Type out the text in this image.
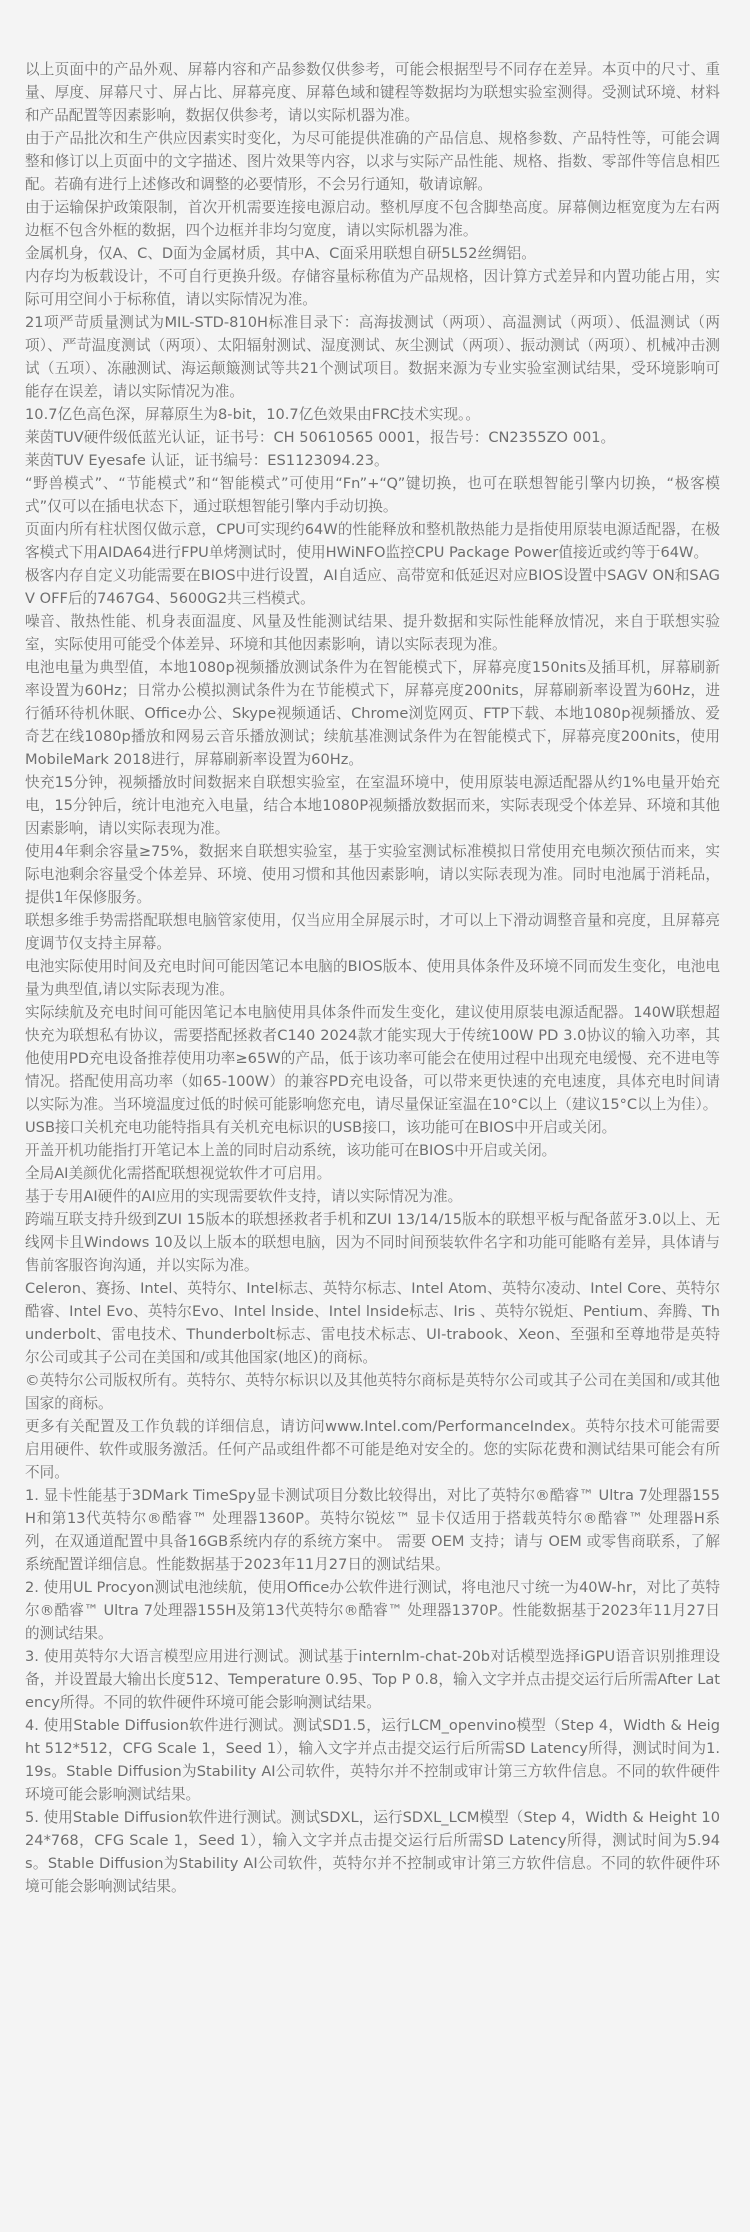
以上页面中的产品外观、屏幕内容和产品参数仅供参考，可能会根据型号不同存在差异。本页中的尺寸、重量、厚度、屏幕尺寸、屏占比、屏幕亮度、屏幕色域和键程等数据均为联想实验室测得。受测试环境、材料和产品配置等因素影响，数据仅供参考，请以实际机器为准。

由于产品批次和生产供应因素实时变化，为尽可能提供准确的产品信息、规格参数、产品特性等，可能会调整和修订以上页面中的文字描述、图片效果等内容，以求与实际产品性能、规格、指数、零部件等信息相匹配。若确有进行上述修改和调整的必要情形，不会另行通知，敬请谅解。

由于运输保护政策限制，首次开机需要连接电源启动。整机厚度不包含脚垫高度。屏幕侧边框宽度为左右两边框不包含外框的数据，四个边框并非均匀宽度，请以实际机器为准。

金属机身，仅A、C、D面为金属材质，其中A、C面采用联想自研5L52丝绸铝。

内存均为板载设计，不可自行更换升级。存储容量标称值为产品规格，因计算方式差异和内置功能占用，实际可用空间小于标称值，请以实际情况为准。

21项严苛质量测试为MIL-STD-810H标准目录下：高海拔测试（两项）、高温测试（两项）、低温测试（两项）、严苛温度测试（两项）、太阳辐射测试、湿度测试、灰尘测试（两项）、振动测试（两项）、机械冲击测试（五项）、冻融测试、海运颠簸测试等共21个测试项目。数据来源为专业实验室测试结果，受环境影响可能存在误差，请以实际情况为准。

10.7亿色高色深，屏幕原生为8-bit，10.7亿色效果由FRC技术实现。。

莱茵TUV硬件级低蓝光认证，证书号：CH 50610565 0001，报告号：CN2355ZO 001。

莱茵TUV Eyesafe 认证，证书编号：ES1123094.23。

“野兽模式”、“节能模式”和“智能模式”可使用“Fn”+“Q”键切换，也可在联想智能引擎内切换，“极客模式”仅可以在插电状态下，通过联想智能引擎内手动切换。

页面内所有柱状图仅做示意，CPU可实现约64W的性能释放和整机散热能力是指使用原装电源适配器，在极客模式下用AIDA64进行FPU单烤测试时，使用HWiNFO监控CPU Package Power值接近或约等于64W。

极客内存自定义功能需要在BIOS中进行设置，AI自适应、高带宽和低延迟对应BIOS设置中SAGV ON和SAGV OFF后的7467G4、5600G2共三档模式。

噪音、散热性能、机身表面温度、风量及性能测试结果、提升数据和实际性能释放情况，来自于联想实验室，实际使用可能受个体差异、环境和其他因素影响，请以实际表现为准。

电池电量为典型值，本地1080p视频播放测试条件为在智能模式下，屏幕亮度150nits及插耳机，屏幕刷新率设置为60Hz；日常办公模拟测试条件为在节能模式下，屏幕亮度200nits，屏幕刷新率设置为60Hz，进行循环待机休眠、Office办公、Skype视频通话、Chrome浏览网页、FTP下载、本地1080p视频播放、爱奇艺在线1080p播放和网易云音乐播放测试；续航基准测试条件为在智能模式下，屏幕亮度200nits，使用MobileMark 2018进行，屏幕刷新率设置为60Hz。

快充15分钟，视频播放时间数据来自联想实验室，在室温环境中，使用原装电源适配器从约1%电量开始充电，15分钟后，统计电池充入电量，结合本地1080P视频播放数据而来，实际表现受个体差异、环境和其他因素影响，请以实际表现为准。

使用4年剩余容量≥75%，数据来自联想实验室，基于实验室测试标准模拟日常使用充电频次预估而来，实际电池剩余容量受个体差异、环境、使用习惯和其他因素影响，请以实际表现为准。同时电池属于消耗品，提供1年保修服务。

联想多维手势需搭配联想电脑管家使用，仅当应用全屏展示时，才可以上下滑动调整音量和亮度，且屏幕亮度调节仅支持主屏幕。

电池实际使用时间及充电时间可能因笔记本电脑的BIOS版本、使用具体条件及环境不同而发生变化，电池电量为典型值,请以实际表现为准。

实际续航及充电时间可能因笔记本电脑使用具体条件而发生变化，建议使用原装电源适配器。140W联想超快充为联想私有协议，需要搭配拯救者C140 2024款才能实现大于传统100W PD 3.0协议的输入功率，其他使用PD充电设备推荐使用功率≥65W的产品，低于该功率可能会在使用过程中出现充电缓慢、充不进电等情况。搭配使用高功率（如65-100W）的兼容PD充电设备，可以带来更快速的充电速度，具体充电时间请以实际为准。当环境温度过低的时候可能影响您充电，请尽量保证室温在10°C以上（建议15°C以上为佳）。

USB接口关机充电功能特指具有关机充电标识的USB接口，该功能可在BIOS中开启或关闭。

开盖开机功能指打开笔记本上盖的同时启动系统，该功能可在BIOS中开启或关闭。

全局AI美颜优化需搭配联想视觉软件才可启用。

基于专用AI硬件的AI应用的实现需要软件支持，请以实际情况为准。

跨端互联支持升级到ZUI 15版本的联想拯救者手机和ZUI 13/14/15版本的联想平板与配备蓝牙3.0以上、无线网卡且Windows 10及以上版本的联想电脑，因为不同时间预装软件名字和功能可能略有差异，具体请与售前客服咨询沟通，并以实际为准。

Celeron、赛扬、Intel、英特尔、Intel标志、英特尔标志、Intel Atom、英特尔凌动、Intel Core、英特尔酷睿、Intel Evo、英特尔Evo、Intel lnside、Intel lnside标志、Iris 、英特尔锐炬、Pentium、奔腾、Thunderbolt、雷电技术、Thunderbolt标志、雷电技术标志、UI-trabook、Xeon、至强和至尊地带是英特尔公司或其子公司在美国和/或其他国家(地区)的商标。

©英特尔公司版权所有。英特尔、英特尔标识以及其他英特尔商标是英特尔公司或其子公司在美国和/或其他国家的商标。

更多有关配置及工作负载的详细信息，请访问www.Intel.com/PerformanceIndex。英特尔技术可能需要启用硬件、软件或服务激活。任何产品或组件都不可能是绝对安全的。您的实际花费和测试结果可能会有所不同。

1. 显卡性能基于3DMark TimeSpy显卡测试项目分数比较得出，对比了英特尔®酷睿™ Ultra 7处理器155H和第13代英特尔®酷睿™ 处理器1360P。英特尔锐炫™ 显卡仅适用于搭载英特尔®酷睿™ 处理器H系列，在双通道配置中具备16GB系统内存的系统方案中。 需要 OEM 支持；请与 OEM 或零售商联系，了解系统配置详细信息。性能数据基于2023年11月27日的测试结果。

2. 使用UL Procyon测试电池续航，使用Office办公软件进行测试，将电池尺寸统一为40W-hr，对比了英特尔®酷睿™ Ultra 7处理器155H及第13代英特尔®酷睿™ 处理器1370P。性能数据基于2023年11月27日的测试结果。

3. 使用英特尔大语言模型应用进行测试。测试基于internlm-chat-20b对话模型选择iGPU语音识别推理设备，并设置最大输出长度512、Temperature 0.95、Top P 0.8，输入文字并点击提交运行后所需After Latency所得。不同的软件硬件环境可能会影响测试结果。

4. 使用Stable Diffusion软件进行测试。测试SD1.5，运行LCM_openvino模型（Step 4，Width & Height 512*512，CFG Scale 1，Seed 1），输入文字并点击提交运行后所需SD Latency所得，测试时间为1.19s。Stable Diffusion为Stability AI公司软件，英特尔并不控制或审计第三方软件信息。不同的软件硬件环境可能会影响测试结果。

5. 使用Stable Diffusion软件进行测试。测试SDXL，运行SDXL_LCM模型（Step 4，Width & Height 1024*768，CFG Scale 1，Seed 1），输入文字并点击提交运行后所需SD Latency所得，测试时间为5.94s。Stable Diffusion为Stability AI公司软件，英特尔并不控制或审计第三方软件信息。不同的软件硬件环境可能会影响测试结果。
